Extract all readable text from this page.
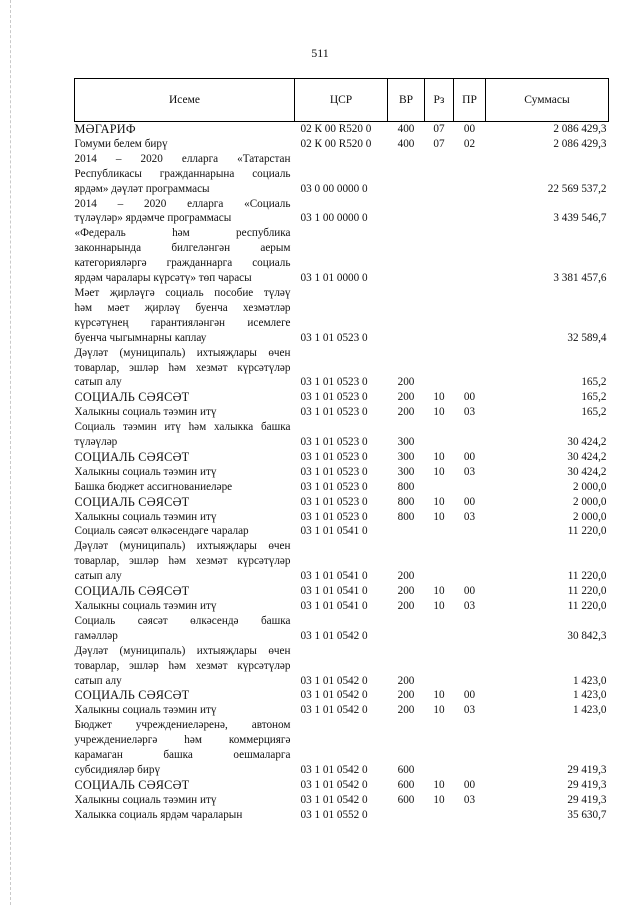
511
Исеме	ЦСР	ВР	Рз	ПР	Суммасы

МӘГАРИФ	02 К 00 R520 0	400	07	00	2 086 429,3

Гомуми белем бирү	02 К 00 R520 0	400	07	02	2 086 429,3

2014 – 2020 елларга «Татарстан
Республикасы гражданнарына социаль
ярдәм» дәүләт программасы	03 0 00 0000 0				22 569 537,2

2014 – 2020 елларга «Социаль
түләүләр» ярдәмче программасы	03 1 00 0000 0				3 439 546,7

«Федераль һәм республика
законнарында билгеләнгән аерым
категорияләргә гражданнарга социаль
ярдәм чаралары күрсәтү» төп чарасы	03 1 01 0000 0				3 381 457,6

Мәет җирләүгә социаль пособие түләү
һәм мәет җирләү буенча хезмәтләр
күрсәтүнең гарантияләнгән исемлеге
буенча чыгымнарны каплау	03 1 01 0523 0				32 589,4

Дәүләт (муниципаль) ихтыяҗлары өчен
товарлар, эшләр һәм хезмәт күрсәтүләр
сатып алу	03 1 01 0523 0	200			165,2

СОЦИАЛЬ СӘЯСӘТ	03 1 01 0523 0	200	10	00	165,2

Халыкны социаль тәэмин итү	03 1 01 0523 0	200	10	03	165,2

Социаль тәэмин итү һәм халыкка башка
түләүләр	03 1 01 0523 0	300			30 424,2

СОЦИАЛЬ СӘЯСӘТ	03 1 01 0523 0	300	10	00	30 424,2

Халыкны социаль тәэмин итү	03 1 01 0523 0	300	10	03	30 424,2

Башка бюджет ассигнованиеләре	03 1 01 0523 0	800			2 000,0

СОЦИАЛЬ СӘЯСӘТ	03 1 01 0523 0	800	10	00	2 000,0

Халыкны социаль тәэмин итү	03 1 01 0523 0	800	10	03	2 000,0

Социаль сәясәт өлкәсендәге чаралар	03 1 01 0541 0				11 220,0

Дәүләт (муниципаль) ихтыяҗлары өчен
товарлар, эшләр һәм хезмәт күрсәтүләр
сатып алу	03 1 01 0541 0	200			11 220,0

СОЦИАЛЬ СӘЯСӘТ	03 1 01 0541 0	200	10	00	11 220,0

Халыкны социаль тәэмин итү	03 1 01 0541 0	200	10	03	11 220,0

Социаль сәясәт өлкәсендә башка
гамәлләр	03 1 01 0542 0				30 842,3

Дәүләт (муниципаль) ихтыяҗлары өчен
товарлар, эшләр һәм хезмәт күрсәтүләр
сатып алу	03 1 01 0542 0	200			1 423,0

СОЦИАЛЬ СӘЯСӘТ	03 1 01 0542 0	200	10	00	1 423,0

Халыкны социаль тәэмин итү	03 1 01 0542 0	200	10	03	1 423,0

Бюджет учреждениеләренә, автоном
учреждениеләргә һәм коммерциягә
карамаган башка оешмаларга
субсидияләр бирү	03 1 01 0542 0	600			29 419,3

СОЦИАЛЬ СӘЯСӘТ	03 1 01 0542 0	600	10	00	29 419,3

Халыкны социаль тәэмин итү	03 1 01 0542 0	600	10	03	29 419,3

Халыкка социаль ярдәм чараларын	03 1 01 0552 0				35 630,7
